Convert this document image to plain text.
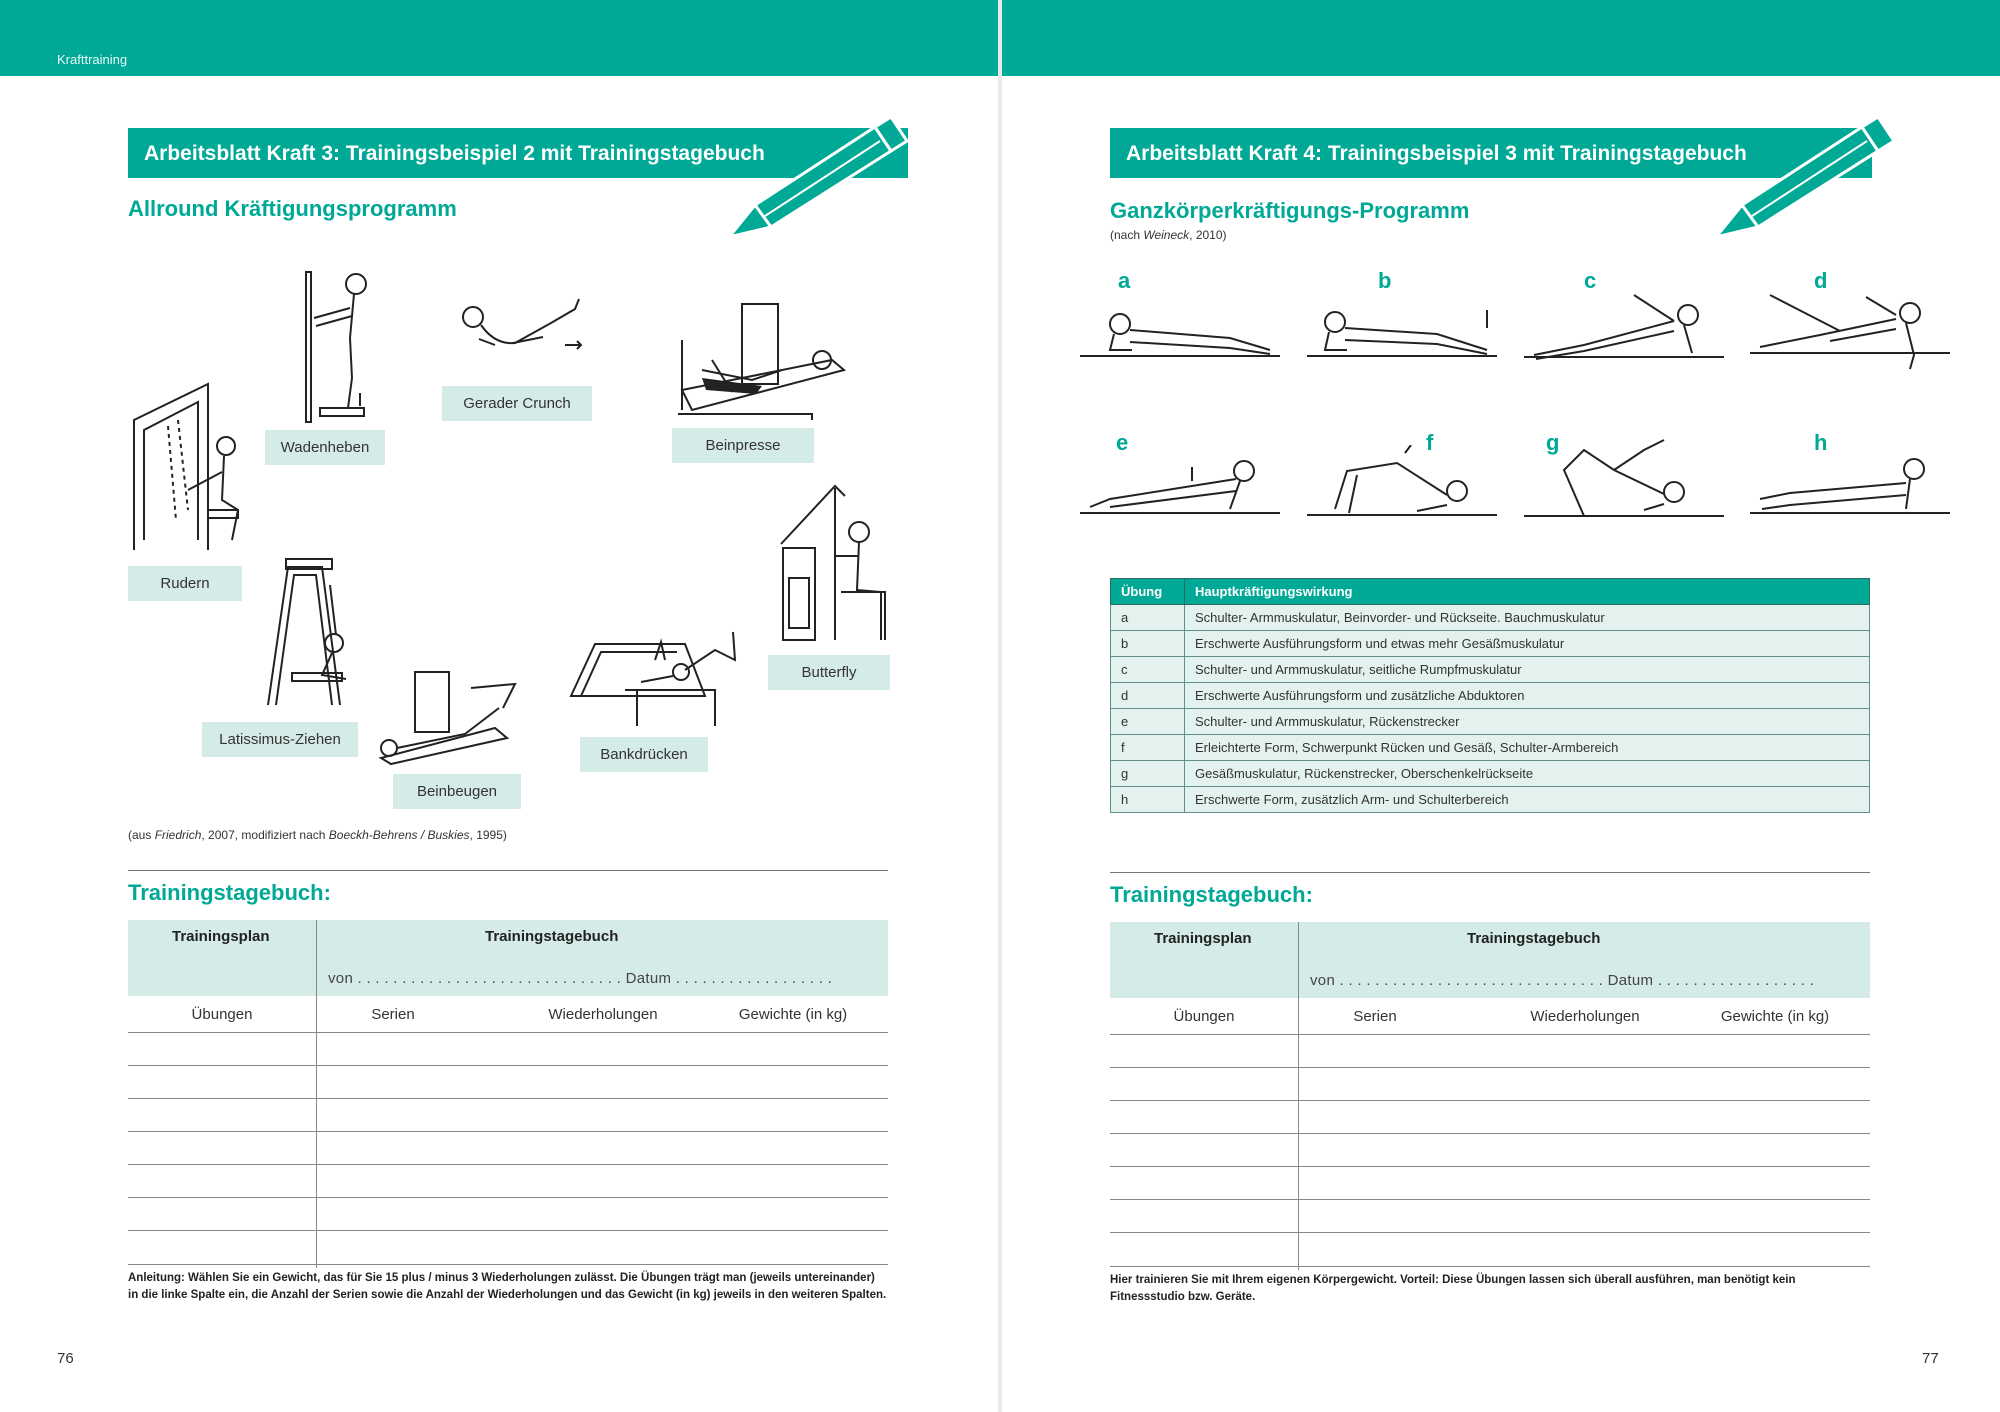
Krafttraining
Arbeitsblatt Kraft 3: Trainingsbeispiel 2 mit Trainingstagebuch
Allround Kräftigungsprogramm
Wadenheben
Gerader Crunch
Beinpresse
Rudern
Butterfly
Latissimus-Ziehen
Beinbeugen
Bankdrücken
(aus Friedrich, 2007, modifiziert nach Boeckh-Behrens / Buskies, 1995)
Trainingstagebuch:
Trainingsplan	Trainingstagebuch
von . . . . . . . . . . . . . . . . . . . . . . . . . . . . . . Datum . . . . . . . . . . . . . . . . . .
Übungen	Serien	Wiederholungen	Gewichte (in kg)
Anleitung: Wählen Sie ein Gewicht, das für Sie 15 plus / minus 3 Wiederholungen zulässt. Die Übungen trägt man (jeweils untereinander) in die linke Spalte ein, die Anzahl der Serien sowie die Anzahl der Wiederholungen und das Gewicht (in kg) jeweils in den weiteren Spalten.
76
Arbeitsblatt Kraft 4: Trainingsbeispiel 3 mit Trainingstagebuch
Ganzkörperkräftigungs-Programm
(nach Weineck, 2010)
a	b	c	d
e	f	g	h
Übung	Hauptkräftigungswirkung
a	Schulter- Armmuskulatur, Beinvorder- und Rückseite. Bauchmuskulatur
b	Erschwerte Ausführungsform und etwas mehr Gesäßmuskulatur
c	Schulter- und Armmuskulatur, seitliche Rumpfmuskulatur
d	Erschwerte Ausführungsform und zusätzliche Abduktoren
e	Schulter- und Armmuskulatur, Rückenstrecker
f	Erleichterte Form, Schwerpunkt Rücken und Gesäß, Schulter-Armbereich
g	Gesäßmuskulatur, Rückenstrecker, Oberschenkelrückseite
h	Erschwerte Form, zusätzlich Arm- und Schulterbereich
Trainingstagebuch:
Trainingsplan	Trainingstagebuch
von . . . . . . . . . . . . . . . . . . . . . . . . . . . . . . Datum . . . . . . . . . . . . . . . . . .
Übungen	Serien	Wiederholungen	Gewichte (in kg)
Hier trainieren Sie mit Ihrem eigenen Körpergewicht. Vorteil: Diese Übungen lassen sich überall ausführen, man benötigt kein Fitnessstudio bzw. Geräte.
77
